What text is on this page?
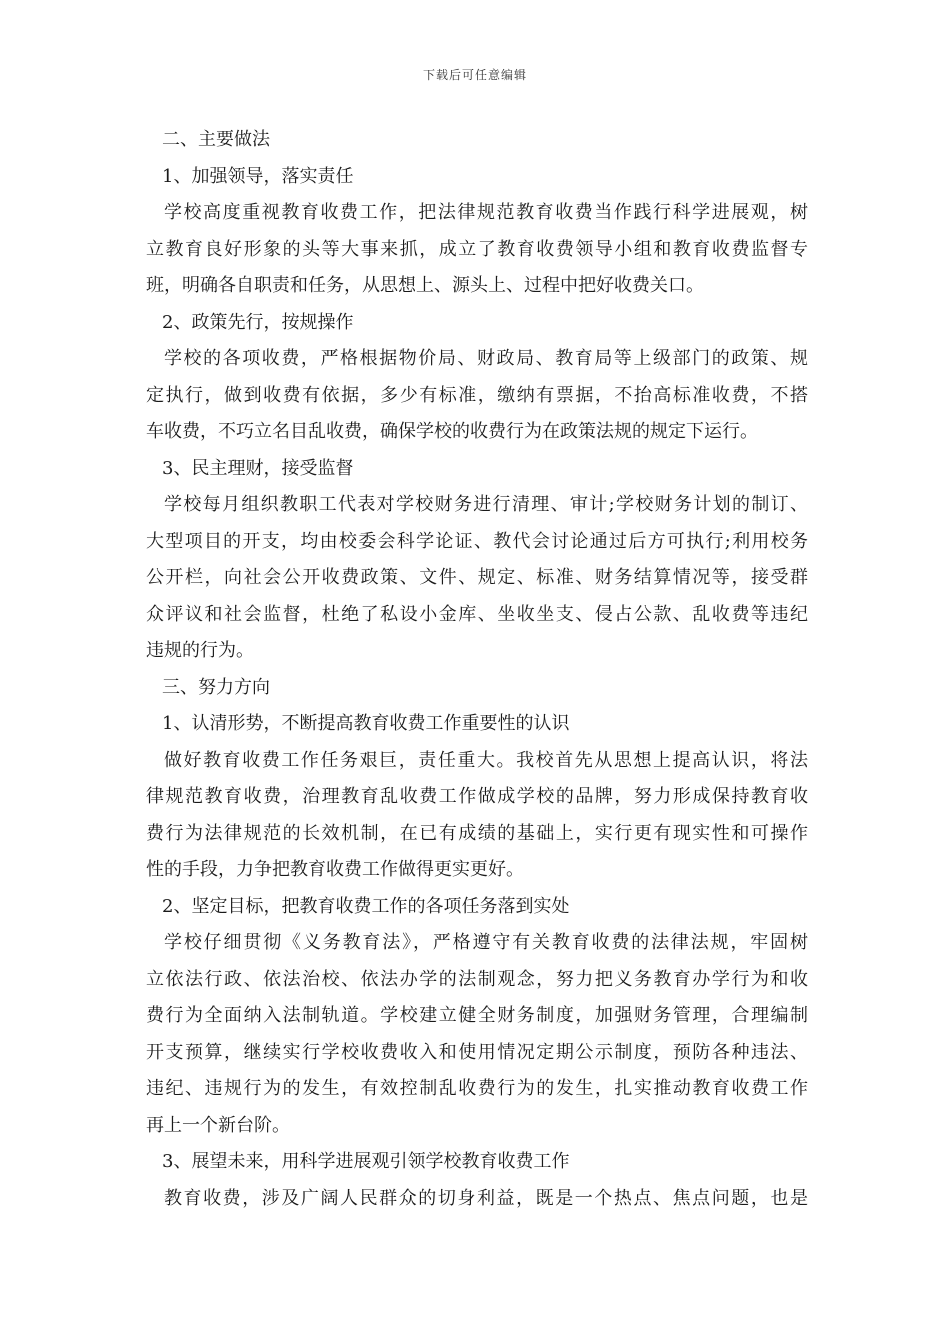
下载后可任意编辑
二、主要做法
1、加强领导，落实责任
学校高度重视教育收费工作，把法律规范教育收费当作践行科学进展观，树
立教育良好形象的头等大事来抓，成立了教育收费领导小组和教育收费监督专
班，明确各自职责和任务，从思想上、源头上、过程中把好收费关口。
2、政策先行，按规操作
学校的各项收费，严格根据物价局、财政局、教育局等上级部门的政策、规
定执行，做到收费有依据，多少有标准，缴纳有票据，不抬高标准收费，不搭
车收费，不巧立名目乱收费，确保学校的收费行为在政策法规的规定下运行。
3、民主理财，接受监督
学校每月组织教职工代表对学校财务进行清理、审计;学校财务计划的制订、
大型项目的开支，均由校委会科学论证、教代会讨论通过后方可执行;利用校务
公开栏，向社会公开收费政策、文件、规定、标准、财务结算情况等，接受群
众评议和社会监督，杜绝了私设小金库、坐收坐支、侵占公款、乱收费等违纪
违规的行为。
三、努力方向
1、认清形势，不断提高教育收费工作重要性的认识
做好教育收费工作任务艰巨，责任重大。我校首先从思想上提高认识，将法
律规范教育收费，治理教育乱收费工作做成学校的品牌，努力形成保持教育收
费行为法律规范的长效机制，在已有成绩的基础上，实行更有现实性和可操作
性的手段，力争把教育收费工作做得更实更好。
2、坚定目标，把教育收费工作的各项任务落到实处
学校仔细贯彻《义务教育法》，严格遵守有关教育收费的法律法规，牢固树
立依法行政、依法治校、依法办学的法制观念，努力把义务教育办学行为和收
费行为全面纳入法制轨道。学校建立健全财务制度，加强财务管理，合理编制
开支预算，继续实行学校收费收入和使用情况定期公示制度，预防各种违法、
违纪、违规行为的发生，有效控制乱收费行为的发生，扎实推动教育收费工作
再上一个新台阶。
3、展望未来，用科学进展观引领学校教育收费工作
教育收费，涉及广阔人民群众的切身利益，既是一个热点、焦点问题，也是
